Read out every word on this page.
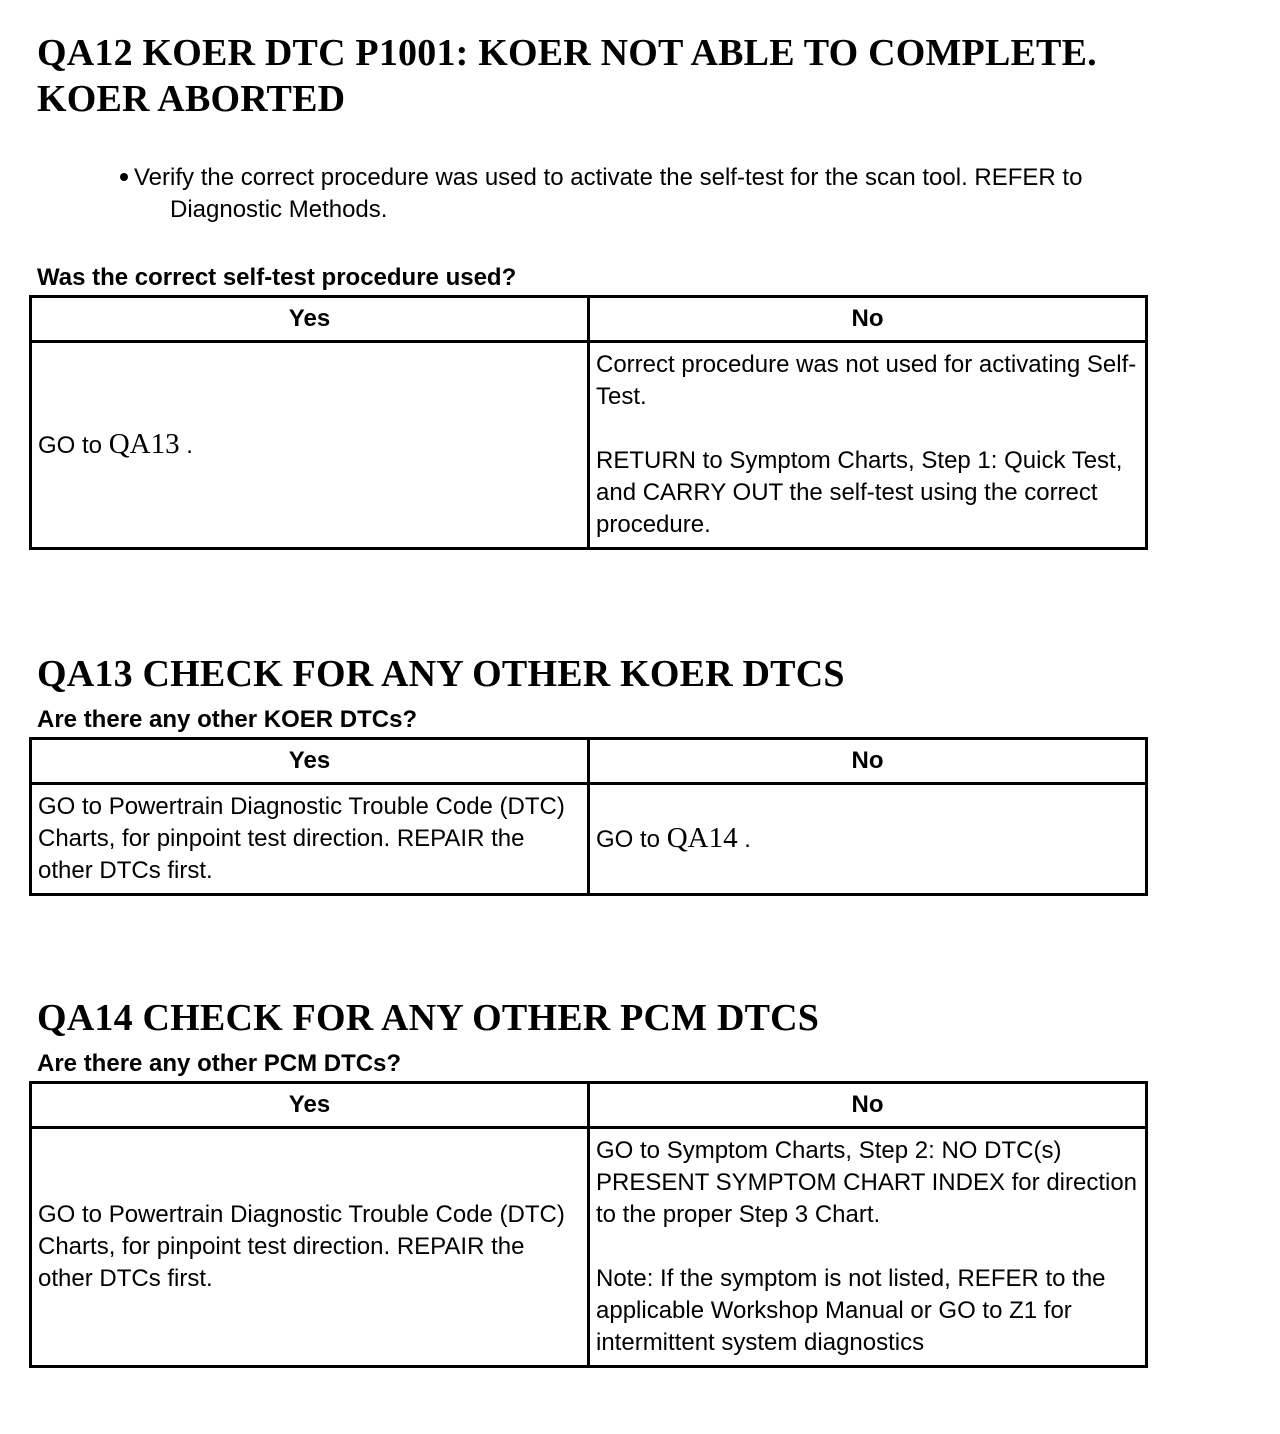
QA12 KOER DTC P1001: KOER NOT ABLE TO COMPLETE.
KOER ABORTED
Verify the correct procedure was used to activate the self-test for the scan tool. REFER to
Diagnostic Methods.

Was the correct self-test procedure used?

Yes	No
GO to QA13 .	Correct procedure was not used for activating Self-Test.
RETURN to Symptom Charts, Step 1: Quick Test, and CARRY OUT the self-test using the correct procedure.
QA13 CHECK FOR ANY OTHER KOER DTCS

Are there any other KOER DTCs?

Yes	No
GO to Powertrain Diagnostic Trouble Code (DTC) Charts, for pinpoint test direction. REPAIR the other DTCs first.	GO to QA14 .
QA14 CHECK FOR ANY OTHER PCM DTCS

Are there any other PCM DTCs?

Yes	No
GO to Powertrain Diagnostic Trouble Code (DTC) Charts, for pinpoint test direction. REPAIR the other DTCs first.	GO to Symptom Charts, Step 2: NO DTC(s) PRESENT SYMPTOM CHART INDEX for direction to the proper Step 3 Chart.
Note: If the symptom is not listed, REFER to the applicable Workshop Manual or GO to Z1 for intermittent system diagnostics
